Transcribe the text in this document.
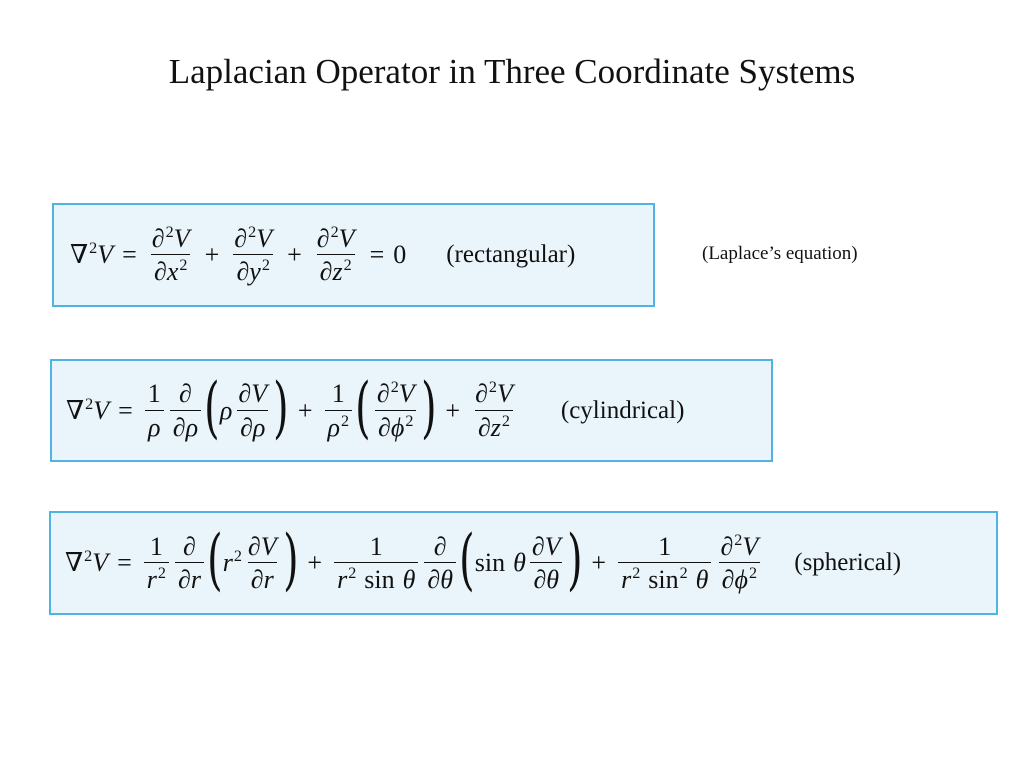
Laplacian Operator in Three Coordinate Systems
$\nabla^2V = \frac{\partial^2V}{\partial x^2} + \frac{\partial^2V}{\partial y^2} + \frac{\partial^2V}{\partial z^2} = 0$ (rectangular)	(Laplace’s equation)
$\nabla^2V = \frac{1}{\rho} \frac{\partial}{\partial\rho}$ ( ρ $\frac{\partial V}{\partial\rho}$ ) + $\frac{1}{\rho^2}$ ( $\frac{\partial^2V}{\partial\phi^2}$ ) + $\frac{\partial^2V}{\partial z^2}$ (cylindrical)
$\nabla^2V = \frac{1}{r^2} \frac{\partial}{\partial r}$ ( $r^2 \frac{\partial V}{\partial r}$ ) + $\frac{1}{r^2 \sin \theta} \frac{\partial}{\partial\theta}$ ( sin θ $\frac{\partial V}{\partial\theta}$ ) + $\frac{1}{r^2 \sin^2 \theta} \frac{\partial^2V}{\partial\phi^2}$ (spherical)
